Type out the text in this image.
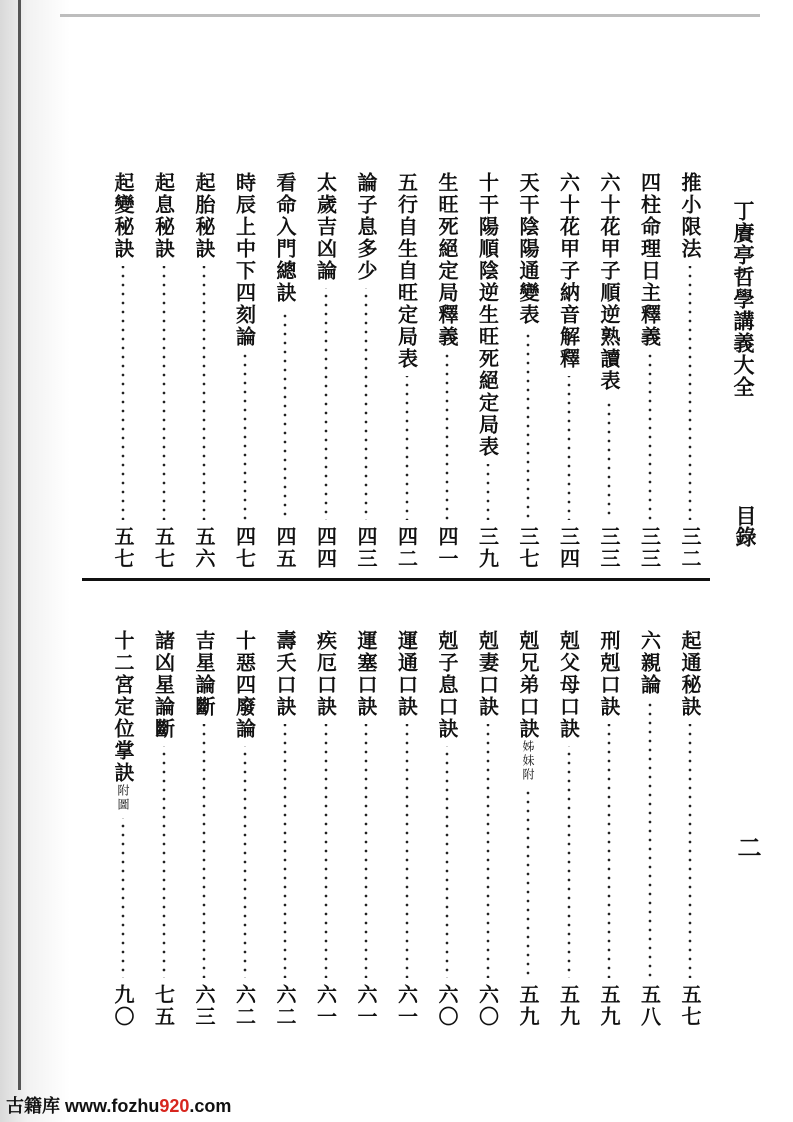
丁賡亭哲學講義大全
目錄
二
推小限法
三二
四柱命理日主釋義
三三
六十花甲子順逆熟讀表
三三
六十花甲子納音解釋
三四
天干陰陽通變表
三七
十干陽順陰逆生旺死絕定局表
三九
生旺死絕定局釋義
四一
五行自生自旺定局表
四二
論子息多少
四三
太歲吉凶論
四四
看命入門總訣
四五
時辰上中下四刻論
四七
起胎秘訣
五六
起息秘訣
五七
起變秘訣
五七
起通秘訣
五七
六親論
五八
刑剋口訣
五九
剋父母口訣
五九
剋兄弟口訣
姊妹附
五九
剋妻口訣
六〇
剋子息口訣
六〇
運通口訣
六一
運塞口訣
六一
疾厄口訣
六一
壽夭口訣
六二
十惡四廢論
六二
吉星論斷
六三
諸凶星論斷
七五
十二宮定位掌訣
附圖
九〇
古籍库 www.fozhu920.com
